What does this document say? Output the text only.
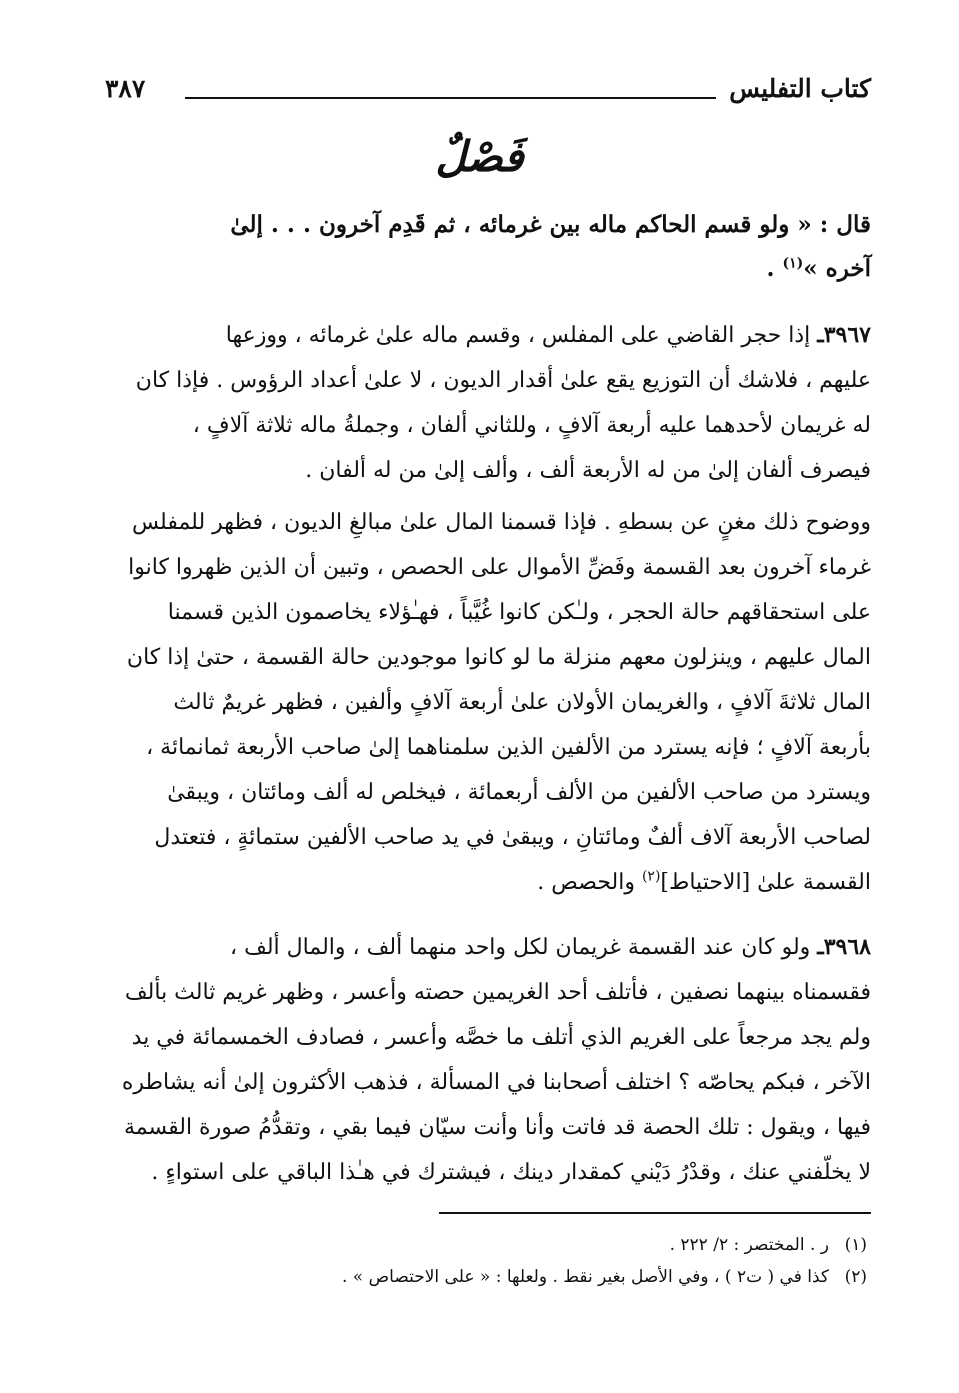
كتاب التفليس
٣٨٧
فَصْلٌ

قال : « ولو قسم الحاكم ماله بين غرمائه ، ثم قَدِم آخرون . . . إلىٰ

آخره »$^{(١)}$ .

٣٩٦٧ـ إذا حجر القاضي على المفلس ، وقسم ماله علىٰ غرمائه ، ووزعها

عليهم ، فلاشك أن التوزيع يقع علىٰ أقدار الديون ، لا علىٰ أعداد الرؤوس . فإذا كان

له غريمان لأحدهما عليه أربعة آلافٍ ، وللثاني ألفان ، وجملةُ ماله ثلاثة آلافٍ ،

فيصرف ألفان إلىٰ من له الأربعة ألف ، وألف إلىٰ من له ألفان .

ووضوح ذلك مغنٍ عن بسطهِ . فإذا قسمنا المال علىٰ مبالغِ الديون ، فظهر للمفلس

غرماء آخرون بعد القسمة وفَضِّ الأموال على الحصص ، وتبين أن الذين ظهروا كانوا

على استحقاقهم حالة الحجر ، ولـٰكن كانوا غُيَّباً ، فهـٰؤلاء يخاصمون الذين قسمنا

المال عليهم ، وينزلون معهم منزلة ما لو كانوا موجودين حالة القسمة ، حتىٰ إذا كان

المال ثلاثةَ آلافٍ ، والغريمان الأولان علىٰ أربعة آلافٍ وألفين ، فظهر غريمٌ ثالث

بأربعة آلافٍ ؛ فإنه يسترد من الألفين الذين سلمناهما إلىٰ صاحب الأربعة ثمانمائة ،

ويسترد من صاحب الألفين من الألف أربعمائة ، فيخلص له ألف ومائتان ، ويبقىٰ

لصاحب الأربعة آلاف ألفٌ ومائتانِ ، ويبقىٰ في يد صاحب الألفين ستمائةٍ ، فتعتدل

القسمة علىٰ [الاحتياط]$^{(٢)}$ والحصص .

٣٩٦٨ـ ولو كان عند القسمة غريمان لكل واحد منهما ألف ، والمال ألف ،

فقسمناه بينهما نصفين ، فأتلف أحد الغريمين حصته وأعسر ، وظهر غريم ثالث بألف

ولم يجد مرجعاً على الغريم الذي أتلف ما خصَّه وأعسر ، فصادف الخمسمائة في يد

الآخر ، فبكم يحاصّه ؟ اختلف أصحابنا في المسألة ، فذهب الأكثرون إلىٰ أنه يشاطره

فيها ، ويقول : تلك الحصة قد فاتت وأنا وأنت سيّان فيما بقي ، وتقدُّمُ صورة القسمة

لا يخلّفني عنك ، وقدْرُ دَيْني كمقدار دينك ، فيشترك في هـٰذا الباقي على استواءٍ .

(١)ر . المختصر : ٢/ ٢٢٢ .

(٢)كذا في ( ت٢ ) ، وفي الأصل بغير نقط . ولعلها : « على الاحتصاص » .
